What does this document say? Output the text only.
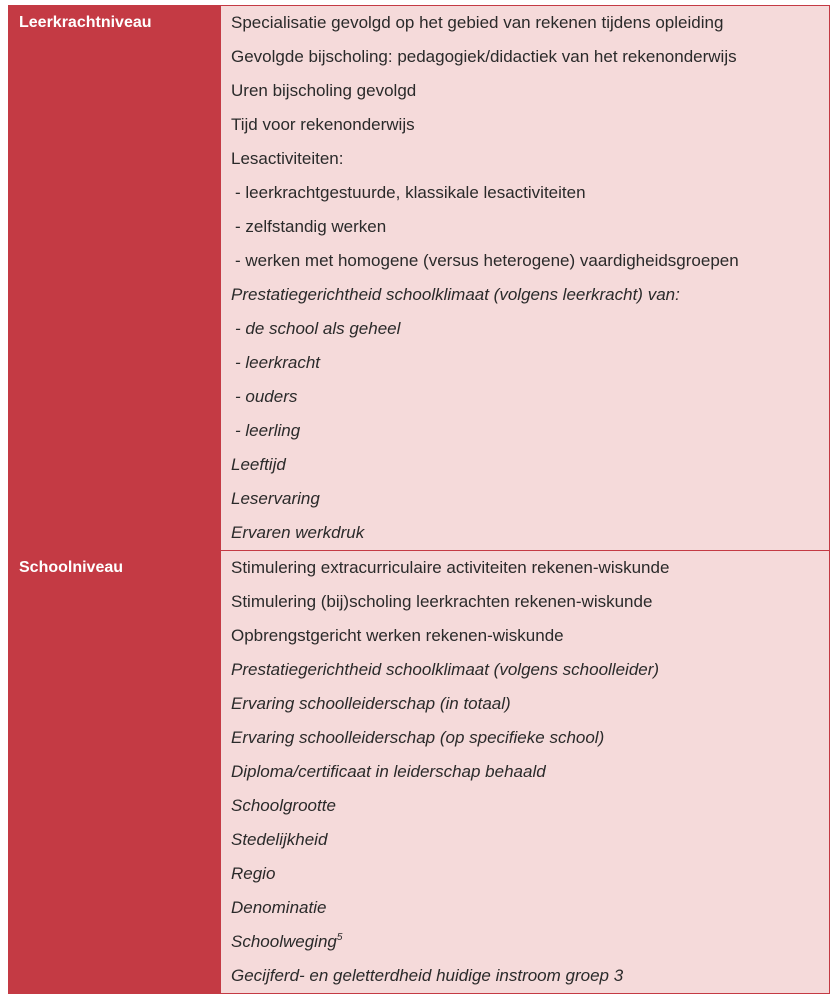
Leerkrachtniveau	Specialisatie gevolgd op het gebied van rekenen tijdens opleiding
Gevolgde bijscholing: pedagogiek/didactiek van het rekenonderwijs
Uren bijscholing gevolgd
Tijd voor rekenonderwijs
Lesactiviteiten:
- leerkrachtgestuurde, klassikale lesactiviteiten
- zelfstandig werken
- werken met homogene (versus heterogene) vaardigheidsgroepen
Prestatiegerichtheid schoolklimaat (volgens leerkracht) van:
- de school als geheel
- leerkracht
- ouders
- leerling
Leeftijd
Leservaring
Ervaren werkdruk
Schoolniveau	Stimulering extracurriculaire activiteiten rekenen-wiskunde
Stimulering (bij)scholing leerkrachten rekenen-wiskunde
Opbrengstgericht werken rekenen-wiskunde
Prestatiegerichtheid schoolklimaat (volgens schoolleider)
Ervaring schoolleiderschap (in totaal)
Ervaring schoolleiderschap (op specifieke school)
Diploma/certificaat in leiderschap behaald
Schoolgrootte
Stedelijkheid
Regio
Denominatie
Schoolweging$^5$
Gecijferd- en geletterdheid huidige instroom groep 3
